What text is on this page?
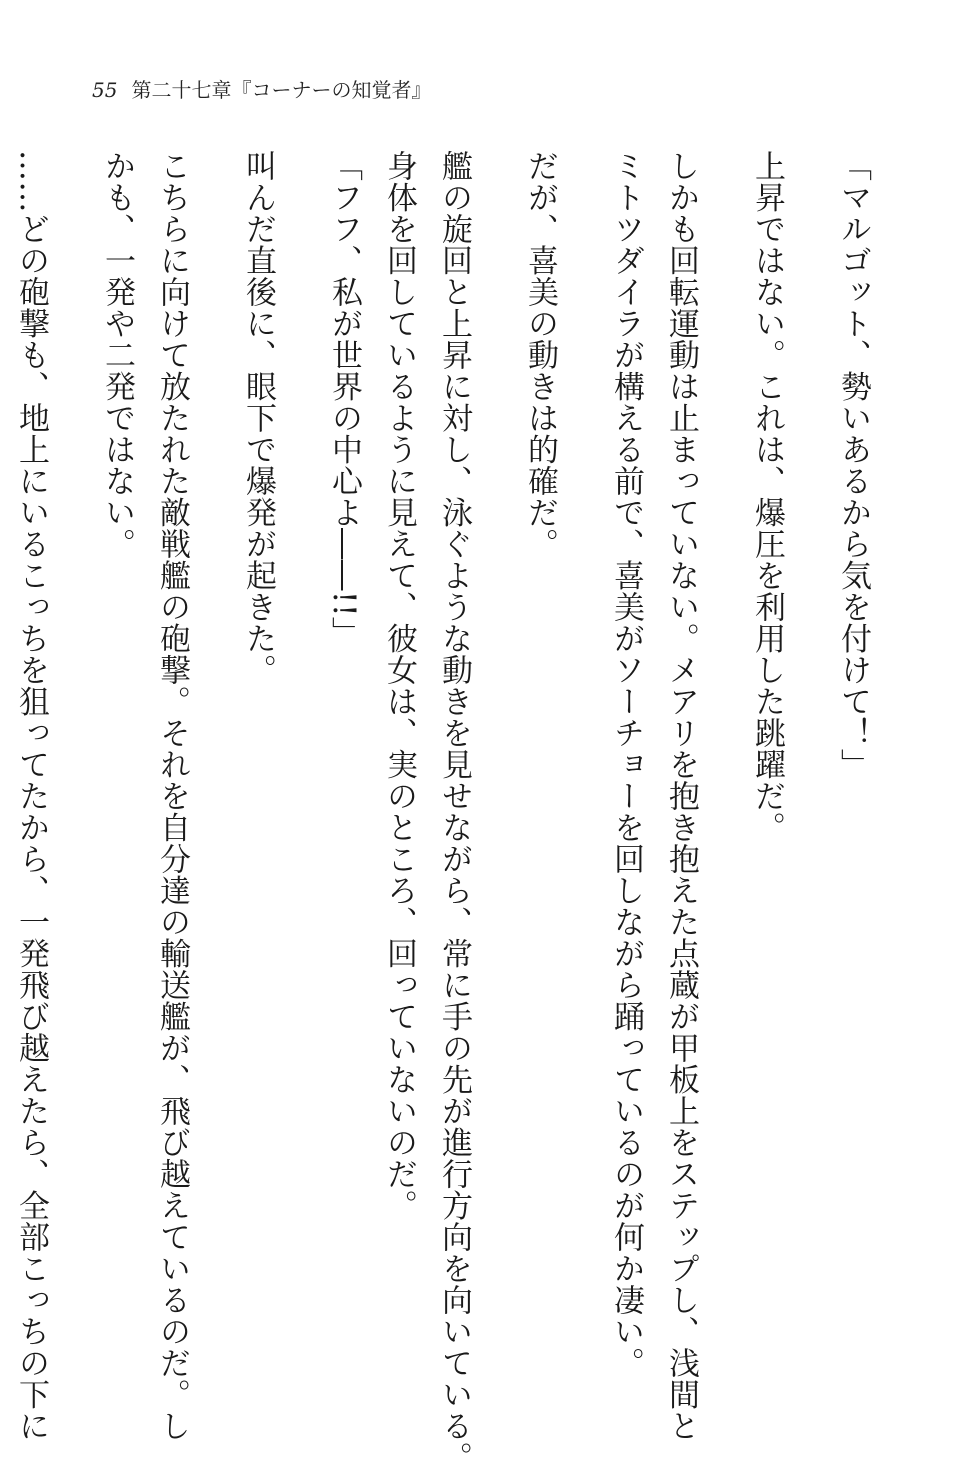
55 第二十七章『コーナーの知覚者』
「マルゴット、勢いあるから気を付けて！」
上昇ではない。これは、爆圧を利用した跳躍だ。
しかも回転運動は止まっていない。メアリを抱き抱えた点蔵が甲板上をステップし、浅間と
ミトツダイラが構える前で、喜美がソーチョーを回しながら踊っているのが何か凄い。
だが、喜美の動きは的確だ。
艦の旋回と上昇に対し、泳ぐような動きを見せながら、常に手の先が進行方向を向いている。
身体を回しているように見えて、彼女は、実のところ、回っていないのだ。
「フフ、私が世界の中心よ――!!」
叫んだ直後に、眼下で爆発が起きた。
こちらに向けて放たれた敵戦艦の砲撃。それを自分達の輸送艦が、飛び越えているのだ。し
かも、一発や二発ではない。
……どの砲撃も、地上にいるこっちを狙ってたから、一発飛び越えたら、全部こっちの下に
